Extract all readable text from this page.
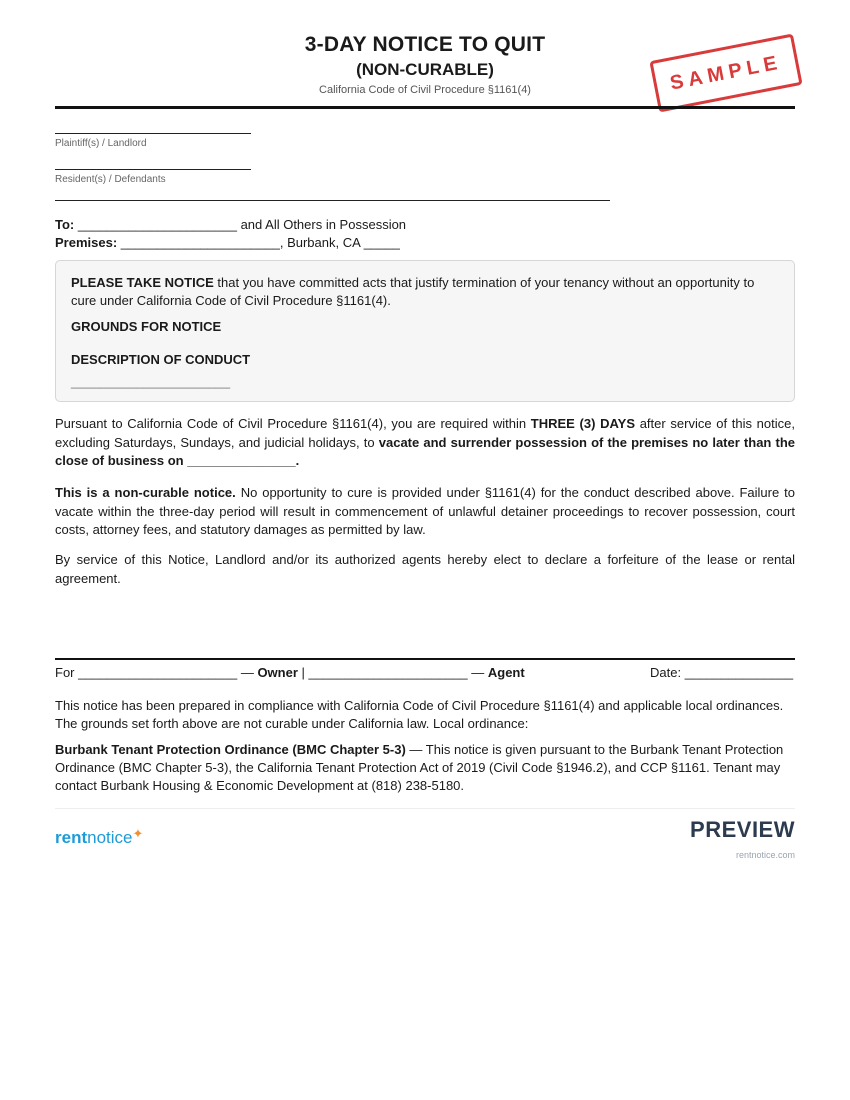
3-DAY NOTICE TO QUIT
(NON-CURABLE)
California Code of Civil Procedure §1161(4)	SAMPLE
Plaintiff(s) / Landlord
Resident(s) / Defendants
To: ______________________ and All Others in Possession
Premises: ______________________, Burbank, CA _____
PLEASE TAKE NOTICE that you have committed acts that justify termination of your tenancy without an opportunity to cure under California Code of Civil Procedure §1161(4).
GROUNDS FOR NOTICE
DESCRIPTION OF CONDUCT
______________________
Pursuant to California Code of Civil Procedure §1161(4), you are required within THREE (3) DAYS after service of this notice, excluding Saturdays, Sundays, and judicial holidays, to vacate and surrender possession of the premises no later than the close of business on _______________.
This is a non-curable notice. No opportunity to cure is provided under §1161(4) for the conduct described above. Failure to vacate within the three-day period will result in commencement of unlawful detainer proceedings to recover possession, court costs, attorney fees, and statutory damages as permitted by law.
By service of this Notice, Landlord and/or its authorized agents hereby elect to declare a forfeiture of the lease or rental agreement.
For ______________________ — Owner | ______________________ — Agent	Date: _______________
This notice has been prepared in compliance with California Code of Civil Procedure §1161(4) and applicable local ordinances. The grounds set forth above are not curable under California law. Local ordinance:
Burbank Tenant Protection Ordinance (BMC Chapter 5-3) — This notice is given pursuant to the Burbank Tenant Protection Ordinance (BMC Chapter 5-3), the California Tenant Protection Act of 2019 (Civil Code §1946.2), and CCP §1161. Tenant may contact Burbank Housing & Economic Development at (818) 238-5180.
rentnotice✦	PREVIEW
rentnotice.com
